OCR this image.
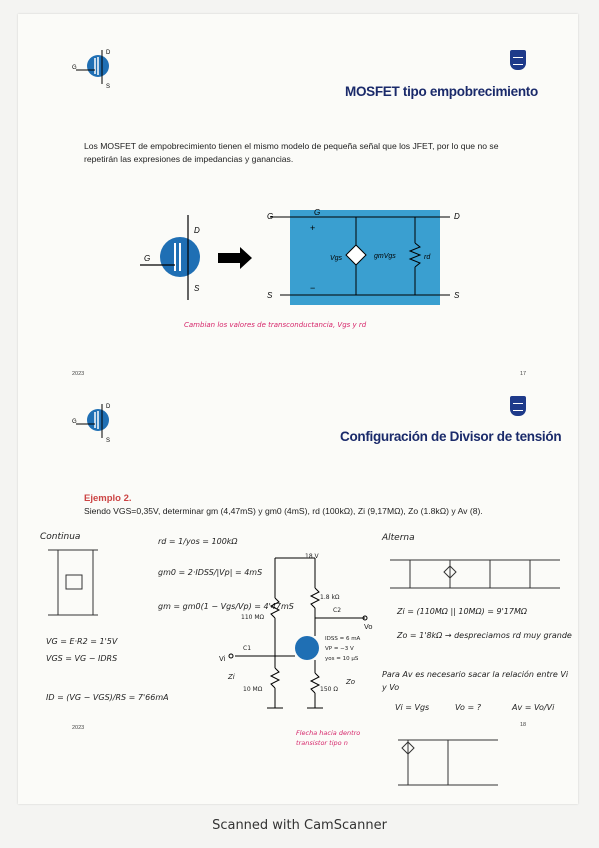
D
S
G
MOSFET tipo empobrecimiento
Los MOSFET de empobrecimiento tienen el mismo modelo de pequeña señal que los JFET, por lo que no se repetirán las expresiones de impedancias y ganancias.
D
S
G
G
S
G	D
S
+
−
Vgs	gmVgs	rd
Cambian los valores de transconductancia, Vgs y rd
2023	17
D
S
G
Configuración de Divisor de tensión
Ejemplo 2.
Siendo VGS=0,35V, determinar gm (4,47mS) y gm0 (4mS), rd (100kΩ), Zi (9,17MΩ), Zo (1.8kΩ) y Av (8).
Continua
VG = E·R2 = 1'5V
VGS = VG − IDRS
ID = (VG − VGS)/RS = 7'66mA
2023
rd = 1/yos = 100kΩ
gm0 = 2·IDSS/|Vp| = 4mS
gm = gm0(1 − Vgs/Vp) = 4'47mS
18 V
110 MΩ
1.8 kΩ
10 MΩ	150 Ω
C1
C2
Vi
Vo
Zi
Zo
IDSS = 6 mA
VP = −3 V
yos = 10 μS
Flecha hacia dentro transistor tipo n
Alterna
Zi = (110MΩ || 10MΩ) = 9'17MΩ
Zo = 1'8kΩ → despreciamos rd muy grande
Para Av es necesario sacar la relación entre Vi y Vo
Vi = Vgs	Vo = ?	Av = Vo/Vi
18
Scanned with CamScanner
